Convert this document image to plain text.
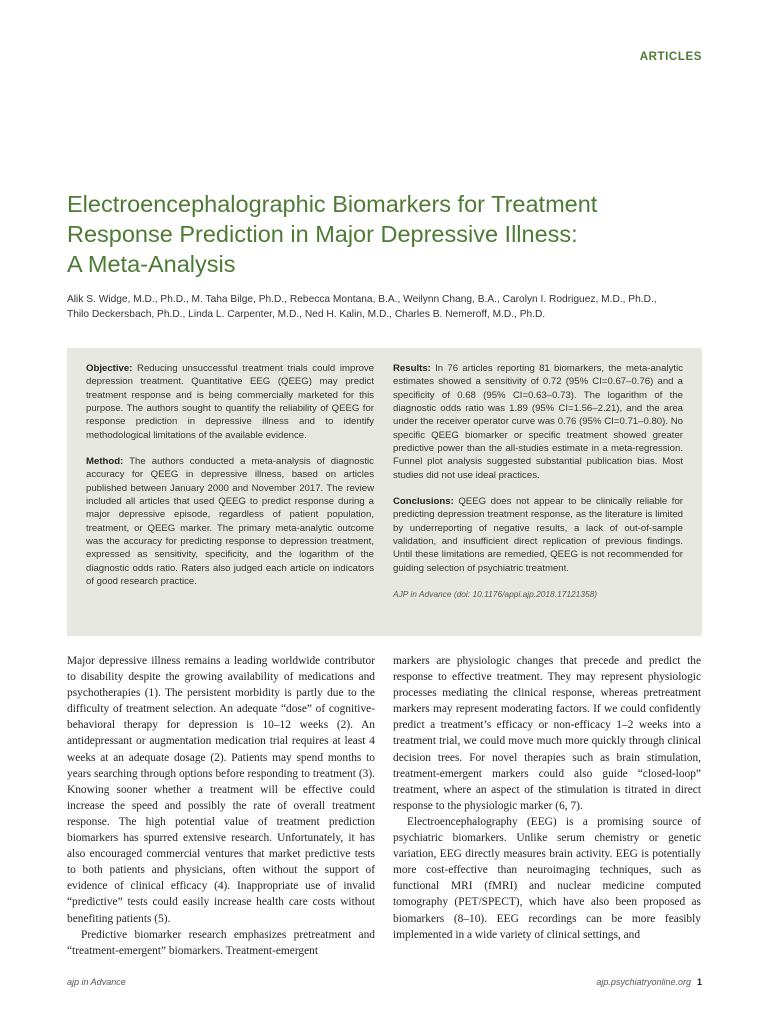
ARTICLES
Electroencephalographic Biomarkers for Treatment
Response Prediction in Major Depressive Illness:
A Meta-Analysis
Alik S. Widge, M.D., Ph.D., M. Taha Bilge, Ph.D., Rebecca Montana, B.A., Weilynn Chang, B.A., Carolyn I. Rodriguez, M.D., Ph.D.,
Thilo Deckersbach, Ph.D., Linda L. Carpenter, M.D., Ned H. Kalin, M.D., Charles B. Nemeroff, M.D., Ph.D.

Objective: Reducing unsuccessful treatment trials could improve depression treatment. Quantitative EEG (QEEG) may predict treatment response and is being commercially marketed for this purpose. The authors sought to quantify the reliability of QEEG for response prediction in depressive illness and to identify methodological limitations of the available evidence.

Method: The authors conducted a meta-analysis of diagnostic accuracy for QEEG in depressive illness, based on articles published between January 2000 and November 2017. The review included all articles that used QEEG to predict response during a major depressive episode, regardless of patient population, treatment, or QEEG marker. The primary meta-analytic outcome was the accuracy for predicting response to depression treatment, expressed as sensitivity, specificity, and the logarithm of the diagnostic odds ratio. Raters also judged each article on indicators of good research practice.

Results: In 76 articles reporting 81 biomarkers, the meta-analytic estimates showed a sensitivity of 0.72 (95% CI=0.67–0.76) and a specificity of 0.68 (95% CI=0.63–0.73). The logarithm of the diagnostic odds ratio was 1.89 (95% CI=1.56–2.21), and the area under the receiver operator curve was 0.76 (95% CI=0.71–0.80). No specific QEEG biomarker or specific treatment showed greater predictive power than the all-studies estimate in a meta-regression. Funnel plot analysis suggested substantial publication bias. Most studies did not use ideal practices.

Conclusions: QEEG does not appear to be clinically reliable for predicting depression treatment response, as the literature is limited by underreporting of negative results, a lack of out-of-sample validation, and insufficient direct replication of previous findings. Until these limitations are remedied, QEEG is not recommended for guiding selection of psychiatric treatment.

AJP in Advance (doi: 10.1176/appi.ajp.2018.17121358)

Major depressive illness remains a leading worldwide contributor to disability despite the growing availability of medications and psychotherapies (1). The persistent morbidity is partly due to the difficulty of treatment selection. An adequate “dose” of cognitive-behavioral therapy for depression is 10–12 weeks (2). An antidepressant or augmentation medication trial requires at least 4 weeks at an adequate dosage (2). Patients may spend months to years searching through options before responding to treatment (3). Knowing sooner whether a treatment will be effective could increase the speed and possibly the rate of overall treatment response. The high potential value of treatment prediction biomarkers has spurred extensive research. Unfortunately, it has also encouraged commercial ventures that market predictive tests to both patients and physicians, often without the support of evidence of clinical efficacy (4). Inappropriate use of invalid “predictive” tests could easily increase health care costs without benefiting patients (5).

Predictive biomarker research emphasizes pretreatment and “treatment-emergent” biomarkers. Treatment-emergent

markers are physiologic changes that precede and predict the response to effective treatment. They may represent physiologic processes mediating the clinical response, whereas pretreatment markers may represent moderating factors. If we could confidently predict a treatment’s efficacy or non-efficacy 1–2 weeks into a treatment trial, we could move much more quickly through clinical decision trees. For novel therapies such as brain stimulation, treatment-emergent markers could also guide “closed-loop” treatment, where an aspect of the stimulation is titrated in direct response to the physiologic marker (6, 7).

Electroencephalography (EEG) is a promising source of psychiatric biomarkers. Unlike serum chemistry or genetic variation, EEG directly measures brain activity. EEG is potentially more cost-effective than neuroimaging techniques, such as functional MRI (fMRI) and nuclear medicine computed tomography (PET/SPECT), which have also been proposed as biomarkers (8–10). EEG recordings can be more feasibly implemented in a wide variety of clinical settings, and

ajp in Advance	ajp.psychiatryonline.org 1
